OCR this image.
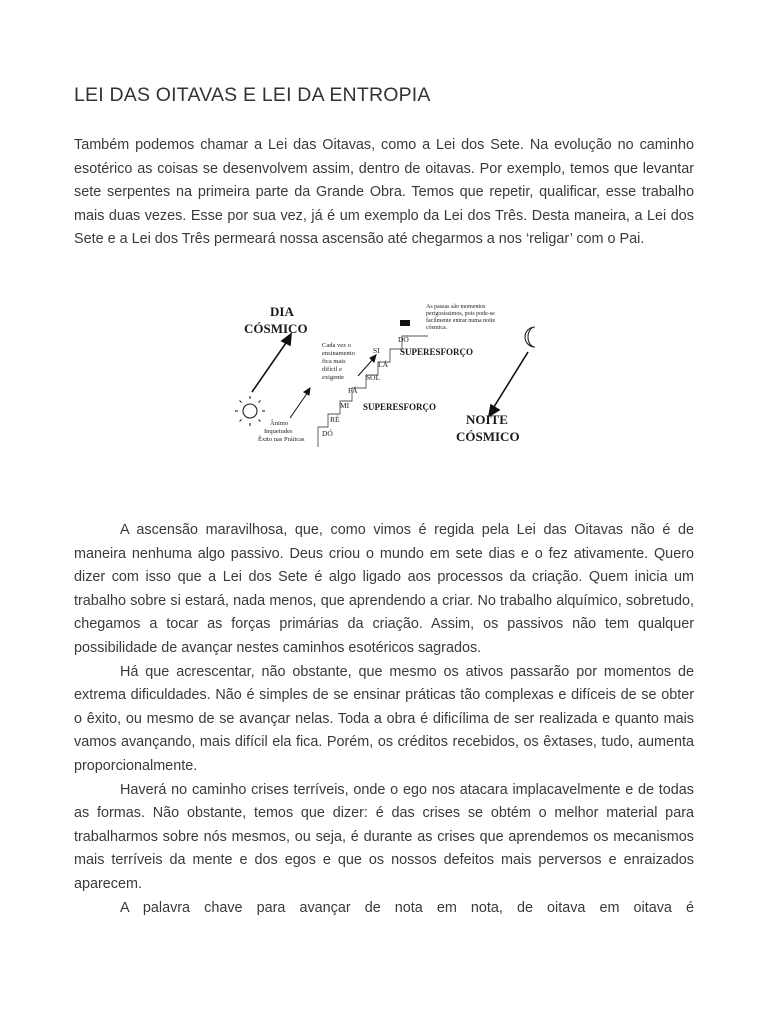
LEI DAS OITAVAS E LEI DA ENTROPIA

Também podemos chamar a Lei das Oitavas, como a Lei dos Sete. Na evolução no caminho esotérico as coisas se desenvolvem assim, dentro de oitavas. Por exemplo, temos que levantar sete serpentes na primeira parte da Grande Obra. Temos que repetir, qualificar, esse trabalho mais duas vezes. Esse por sua vez, já é um exemplo da Lei dos Três. Desta maneira, a Lei dos Sete e a Lei dos Três permeará nossa ascensão até chegarmos a nos ‘religar’ com o Pai.

A ascensão maravilhosa, que, como vimos é regida pela Lei das Oitavas não é de maneira nenhuma algo passivo. Deus criou o mundo em sete dias e o fez ativamente. Quero dizer com isso que a Lei dos Sete é algo ligado aos processos da criação. Quem inicia um trabalho sobre si estará, nada menos, que aprendendo a criar. No trabalho alquímico, sobretudo, chegamos a tocar as forças primárias da criação. Assim, os passivos não tem qualquer possibilidade de avançar nestes caminhos esotéricos sagrados.

Há que acrescentar, não obstante, que mesmo os ativos passarão por momentos de extrema dificuldades. Não é simples de se ensinar práticas tão complexas e difíceis de se obter o êxito, ou mesmo de se avançar nelas. Toda a obra é dificílima de ser realizada e quanto mais vamos avançando, mais difícil ela fica. Porém, os créditos recebidos, os êxtases, tudo, aumenta proporcionalmente.

Haverá no caminho crises terríveis, onde o ego nos atacara implacavelmente e de todas as formas. Não obstante, temos que dizer: é das crises se obtém o melhor material para trabalharmos sobre nós mesmos, ou seja, é durante as crises que aprendemos os mecanismos mais terríveis da mente e dos egos e que os nossos defeitos mais perversos e enraizados aparecem.

A palavra chave para avançar de nota em nota, de oitava em oitava é

DÓ
RÉ
MI
FÁ
SOL
LÁ
SI
DÓ
DIA
CÓSMICO
NOITE
CÓSMICO
SUPERESFORÇO
SUPERESFORÇO
Cada vez o
ensinamento
fica mais
difícil e
exigente
Ânimo
Inquetudes
Êxito nas Práticas
As passas são momentos
perigosíssimos, pois pode-se
facilmente entrar numa noite
cósmica.
